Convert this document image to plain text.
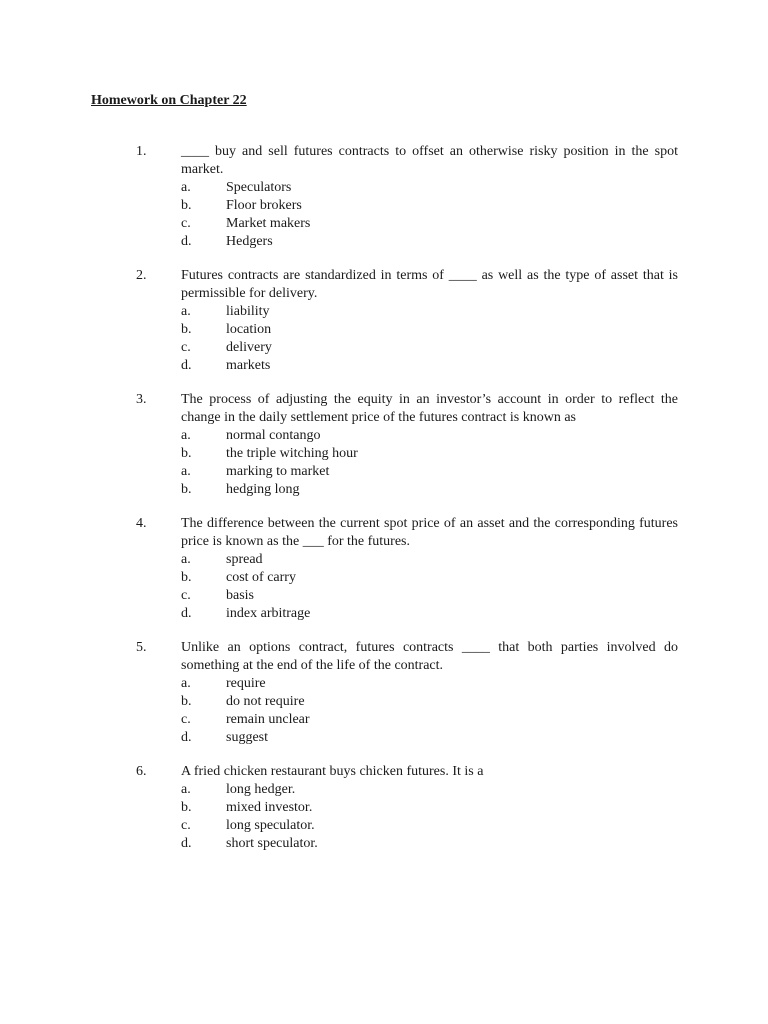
Homework on Chapter 22
1. ____ buy and sell futures contracts to offset an otherwise risky position in the spot market.
a.	Speculators
b. Floor brokers
c.	Market makers
d. Hedgers
2. Futures contracts are standardized in terms of ____ as well as the type of asset that is permissible for delivery.
a.	liability
b. location
c.	delivery
d. markets
3. The process of adjusting the equity in an investor’s account in order to reflect the change in the daily settlement price of the futures contract is known as
a.	normal contango
b. the triple witching hour
a.	marking to market
b. hedging long
4. The difference between the current spot price of an asset and the corresponding futures price is known as the ___ for the futures.
a.	spread
b. cost of carry
c.	basis
d. index arbitrage
5. Unlike an options contract, futures contracts ____ that both parties involved do something at the end of the life of the contract.
a.	require
b. do not require
c.	remain unclear
d. suggest
6. A fried chicken restaurant buys chicken futures. It is a
a.	long hedger.
b. mixed investor.
c.	long speculator.
d. short speculator.
